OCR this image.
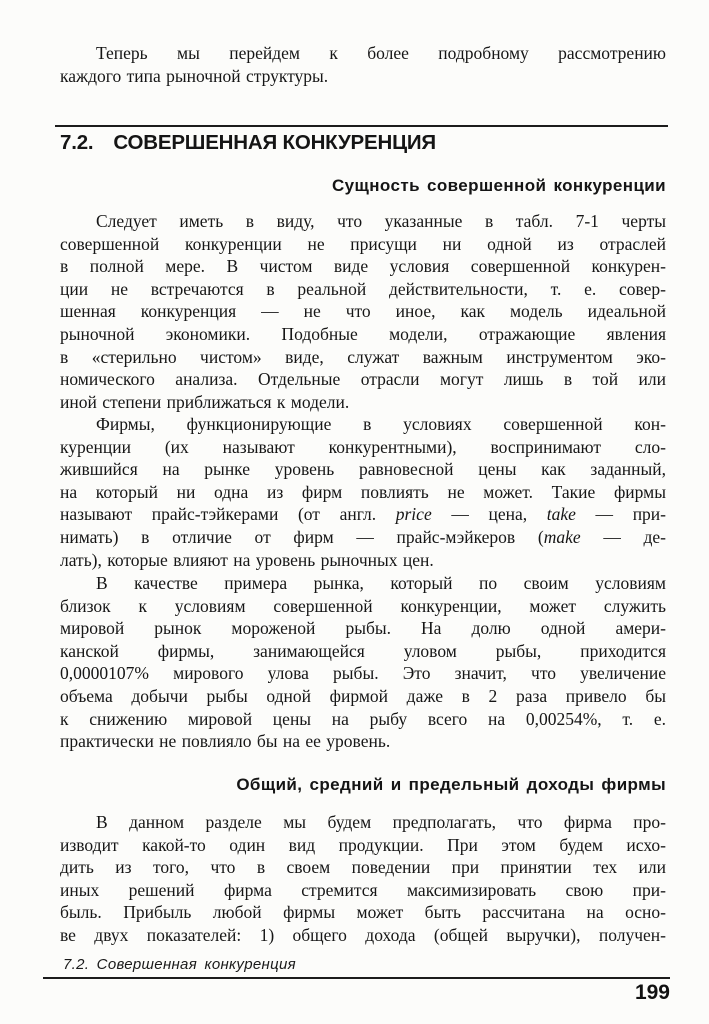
Теперь мы перейдем к более подробному рассмотрению
каждого типа рыночной структуры.
7.2. СОВЕРШЕННАЯ КОНКУРЕНЦИЯ
Сущность совершенной конкуренции
Следует иметь в виду, что указанные в табл. 7-1 черты
совершенной конкуренции не присущи ни одной из отраслей
в полной мере. В чистом виде условия совершенной конкурен-
ции не встречаются в реальной действительности, т. е. совер-
шенная конкуренция — не что иное, как модель идеальной
рыночной экономики. Подобные модели, отражающие явления
в «стерильно чистом» виде, служат важным инструментом эко-
номического анализа. Отдельные отрасли могут лишь в той или
иной степени приближаться к модели.
Фирмы, функционирующие в условиях совершенной кон-
куренции (их называют конкурентными), воспринимают сло-
жившийся на рынке уровень равновесной цены как заданный,
на который ни одна из фирм повлиять не может. Такие фирмы
называют прайс-тэйкерами (от англ. price — цена, take — при-
нимать) в отличие от фирм — прайс-мэйкеров (make — де-
лать), которые влияют на уровень рыночных цен.
В качестве примера рынка, который по своим условиям
близок к условиям совершенной конкуренции, может служить
мировой рынок мороженой рыбы. На долю одной амери-
канской фирмы, занимающейся уловом рыбы, приходится
0,0000107% мирового улова рыбы. Это значит, что увеличение
объема добычи рыбы одной фирмой даже в 2 раза привело бы
к снижению мировой цены на рыбу всего на 0,00254%, т. е.
практически не повлияло бы на ее уровень.
Общий, средний и предельный доходы фирмы
В данном разделе мы будем предполагать, что фирма про-
изводит какой-то один вид продукции. При этом будем исхо-
дить из того, что в своем поведении при принятии тех или
иных решений фирма стремится максимизировать свою при-
быль. Прибыль любой фирмы может быть рассчитана на осно-
ве двух показателей: 1) общего дохода (общей выручки), получен-
7.2. Совершенная конкуренция
199
